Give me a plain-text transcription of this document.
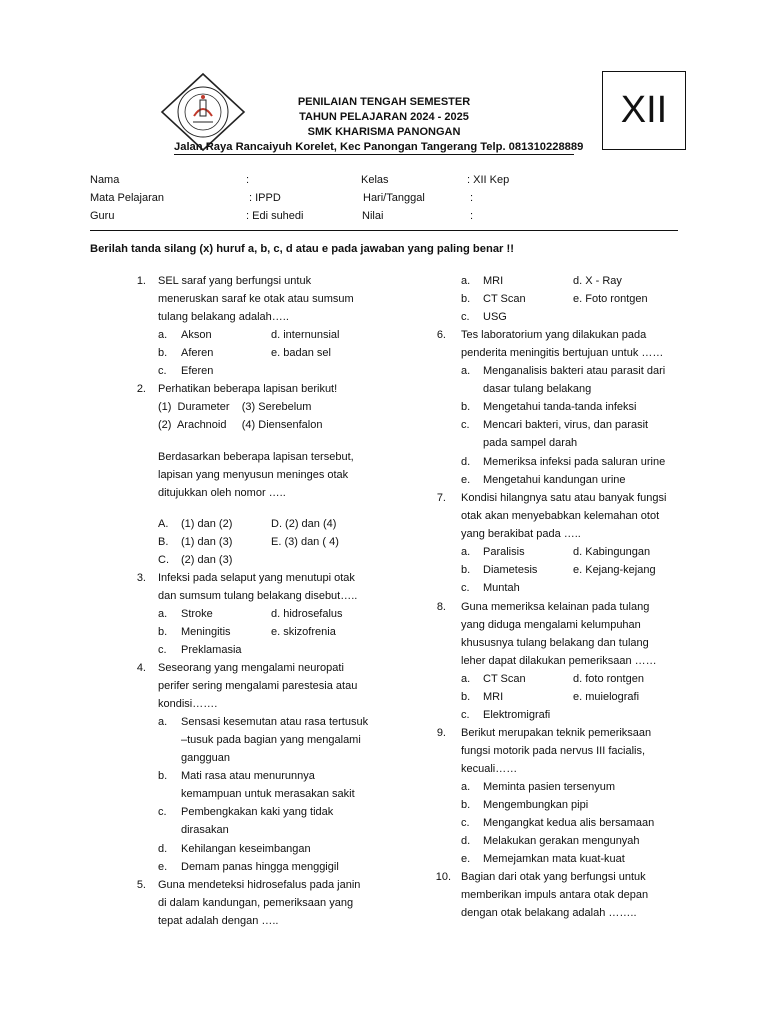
PENILAIAN TENGAH SEMESTER
TAHUN PELAJARAN 2024 - 2025
SMK KHARISMA PANONGAN
Jalan Raya Rancaiyuh Korelet, Kec Panongan Tangerang Telp. 081310228889
XII
Nama	:	Kelas	: XII Kep
Mata Pelajaran	: IPPD	Hari/Tanggal	:
Guru	: Edi suhedi	Nilai	:
Berilah tanda silang (x) huruf a, b, c, d atau e pada jawaban yang paling benar !!
1. SEL saraf yang berfungsi untuk
meneruskan saraf ke otak atau sumsum
tulang belakang adalah…..
a. Akson	d. internunsial
b. Aferen	e. badan sel
c. Eferen
2. Perhatikan beberapa lapisan berikut!
(1)  Durameter    (3) Serebelum
(2)  Arachnoid     (4) Diensenfalon
Berdasarkan beberapa lapisan tersebut,
lapisan yang menyusun meninges otak
ditujukkan oleh nomor …..
A. (1) dan (2)	D. (2) dan (4)
B. (1) dan (3)	E. (3) dan ( 4)
C. (2) dan (3)
3. Infeksi pada selaput yang menutupi otak
dan sumsum tulang belakang disebut…..
a. Stroke	d. hidrosefalus
b. Meningitis	e. skizofrenia
c. Preklamasia
4. Seseorang yang mengalami neuropati
perifer sering mengalami parestesia atau
kondisi…….
a. Sensasi kesemutan atau rasa tertusuk
–tusuk pada bagian yang mengalami
gangguan
b. Mati rasa atau menurunnya
kemampuan untuk merasakan sakit
c. Pembengkakan kaki yang tidak
dirasakan
d. Kehilangan keseimbangan
e. Demam panas hingga menggigil
5. Guna mendeteksi hidrosefalus pada janin
di dalam kandungan, pemeriksaan yang
tepat adalah dengan …..
a. MRI	d. X - Ray
b. CT Scan	e. Foto rontgen
c. USG
6. Tes laboratorium yang dilakukan pada
penderita meningitis bertujuan untuk ……
a. Menganalisis bakteri atau parasit dari
dasar tulang belakang
b. Mengetahui tanda-tanda infeksi
c. Mencari bakteri, virus, dan parasit
pada sampel darah
d. Memeriksa infeksi pada saluran urine
e. Mengetahui kandungan urine
7. Kondisi hilangnya satu atau banyak fungsi
otak akan menyebabkan kelemahan otot
yang berakibat pada …..
a. Paralisis	d. Kabingungan
b. Diametesis	e. Kejang-kejang
c. Muntah
8. Guna memeriksa kelainan pada tulang
yang diduga mengalami kelumpuhan
khususnya tulang belakang dan tulang
leher dapat dilakukan pemeriksaan ……
a. CT Scan	d. foto rontgen
b. MRI	e. muielografi
c. Elektromigrafi
9. Berikut merupakan teknik pemeriksaan
fungsi motorik pada nervus III facialis,
kecuali……
a. Meminta pasien tersenyum
b. Mengembungkan pipi
c. Mengangkat kedua alis bersamaan
d. Melakukan gerakan mengunyah
e. Memejamkan mata kuat-kuat
10. Bagian dari otak yang berfungsi untuk
memberikan impuls antara otak depan
dengan otak belakang adalah ……..
